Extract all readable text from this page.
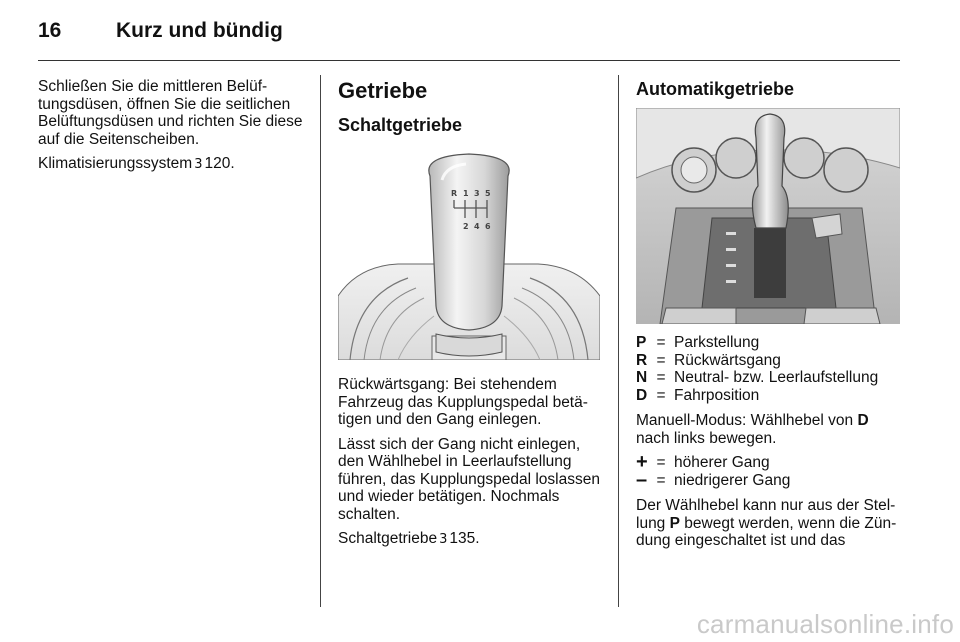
16	Kurz und bündig

Schließen Sie die mittleren Belüftungsdüsen, öffnen Sie die seitlichen Belüftungsdüsen und richten Sie diese auf die Seitenscheiben.

Klimatisierungssystem 3 120.

Getriebe
Schaltgetriebe
R 1 3 5
2 4 6

Rückwärtsgang: Bei stehendem Fahrzeug das Kupplungspedal betätigen und den Gang einlegen.

Lässt sich der Gang nicht einlegen, den Wählhebel in Leerlaufstellung führen, das Kupplungspedal loslassen und wieder betätigen. Nochmals schalten.

Schaltgetriebe 3 135.

Automatikgetriebe
P	=	Parkstellung
R	=	Rückwärtsgang
N	=	Neutral- bzw. Leerlaufstellung
D	=	Fahrposition

Manuell-Modus: Wählhebel von D nach links bewegen.

+	=	höherer Gang
–	=	niedrigerer Gang

Der Wählhebel kann nur aus der Stellung P bewegt werden, wenn die Zündung eingeschaltet ist und das

carmanualsonline.info
